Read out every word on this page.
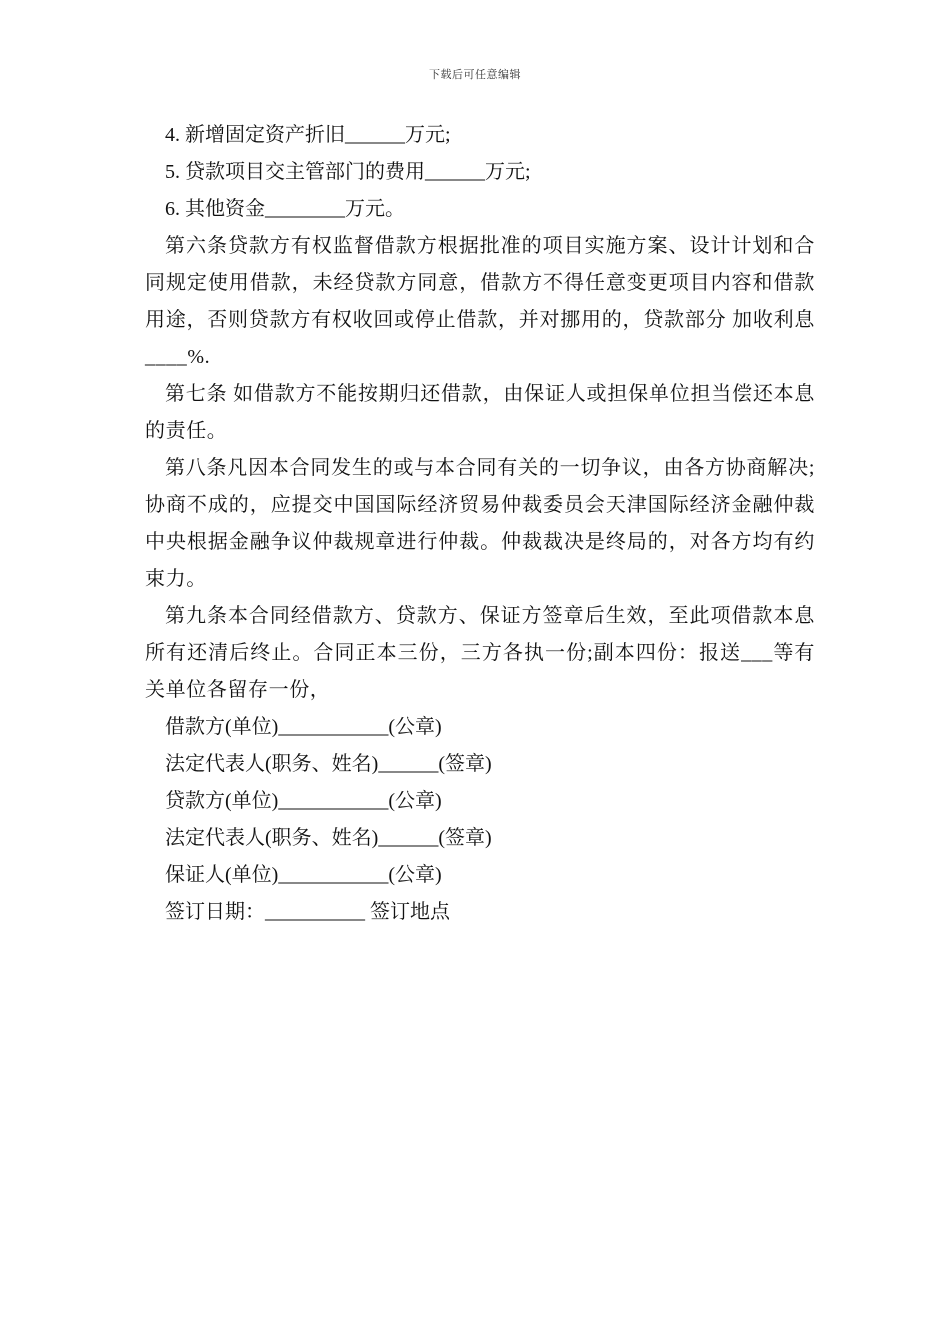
下载后可任意编辑

4. 新增固定资产折旧______万元;

5. 贷款项目交主管部门的费用______万元;

6. 其他资金________万元。

第六条贷款方有权监督借款方根据批准的项目实施方案、设计计划和合同规定使用借款，未经贷款方同意，借款方不得任意变更项目内容和借款用途，否则贷款方有权收回或停止借款，并对挪用的，贷款部分 加收利息____%.

第七条 如借款方不能按期归还借款，由保证人或担保单位担当偿还本息的责任。

第八条凡因本合同发生的或与本合同有关的一切争议，由各方协商解决;协商不成的，应提交中国国际经济贸易仲裁委员会天津国际经济金融仲裁中央根据金融争议仲裁规章进行仲裁。仲裁裁决是终局的，对各方均有约束力。

第九条本合同经借款方、贷款方、保证方签章后生效，至此项借款本息所有还清后终止。合同正本三份，三方各执一份;副本四份：报送___等有关单位各留存一份，

借款方(单位)___________(公章)

法定代表人(职务、姓名)______(签章)

贷款方(单位)___________(公章)

法定代表人(职务、姓名)______(签章)

保证人(单位)___________(公章)

签订日期：__________ 签订地点
